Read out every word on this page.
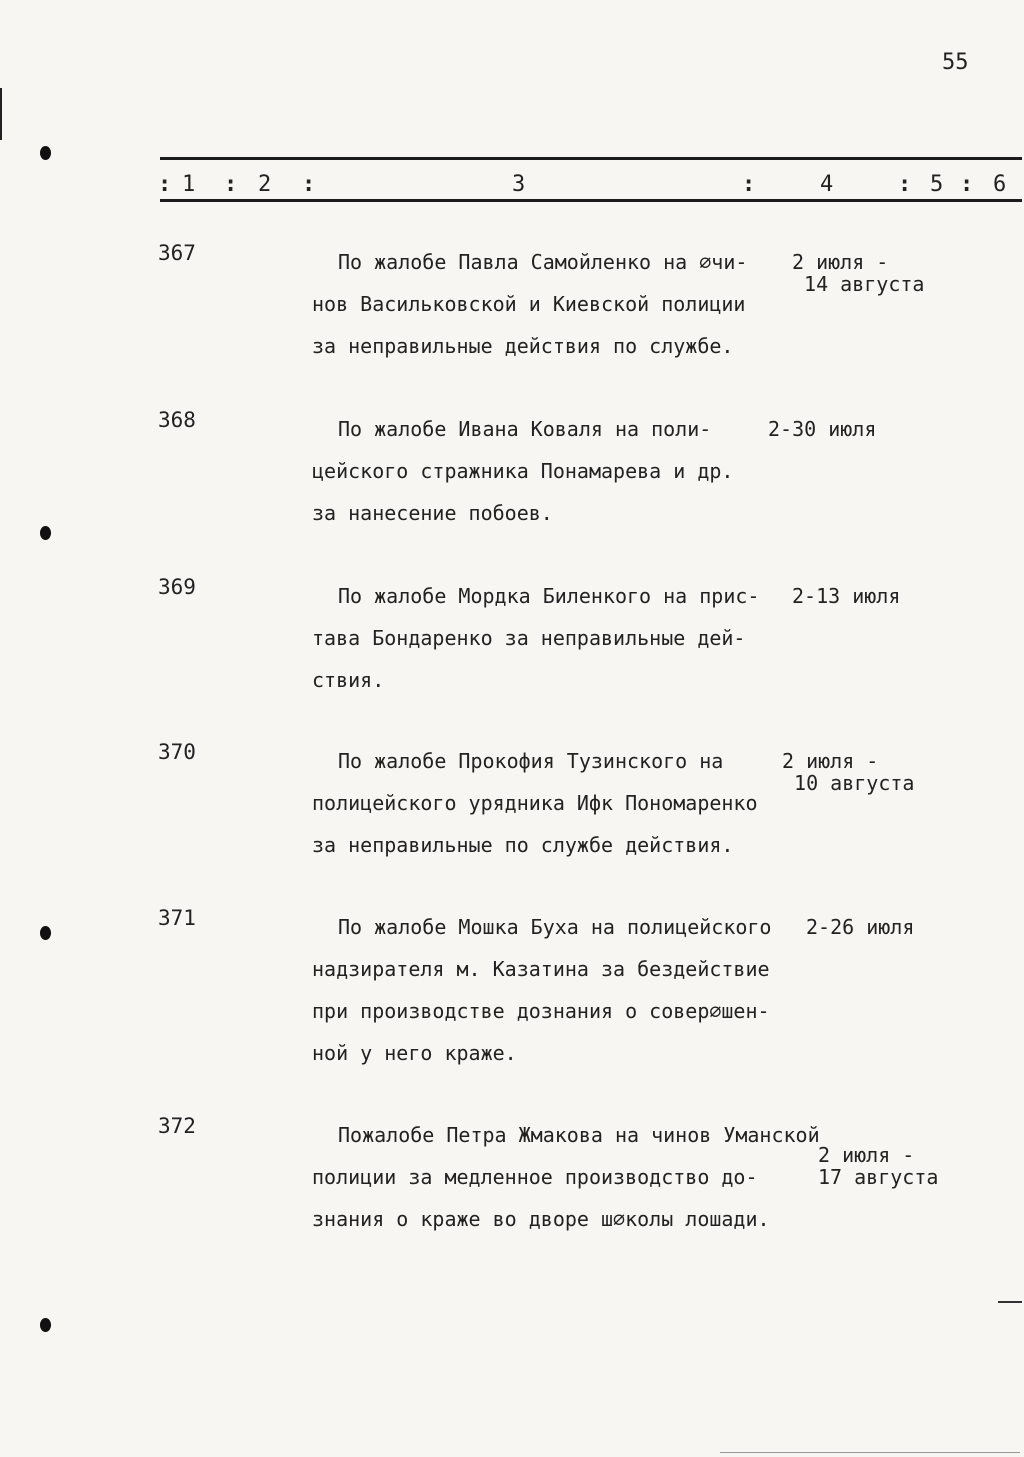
55
: 1 : 2 :	3	:	4	: 5 : 6
367	По жалобе Павла Самойленко на ∅чи-
нов Васильковской и Киевской полиции
за неправильные действия по службе.
2 июля -
14 августа
368	По жалобе Ивана Коваля на поли-
цейского стражника Понамарева и др.
за нанесение побоев.
2-30 июля
369	По жалобе Мордка Биленкого на прис-
тава Бондаренко за неправильные дей-
ствия.
2-13 июля
370	По жалобе Прокофия Тузинского на
полицейского урядника Ифк Пономаренко
за неправильные по службе действия.
2 июля -
10 августа
371	По жалобе Мошка Буха на полицейского
надзирателя м. Казатина за бездействие
при производстве дознания о совер∅шен-
ной у него краже.
2-26 июля
372	Пожалобе Петра Жмакова на чинов Уманской
полиции за медленное производство до-
знания о краже во дворе ш∅колы лошади.
2 июля -
17 августа
